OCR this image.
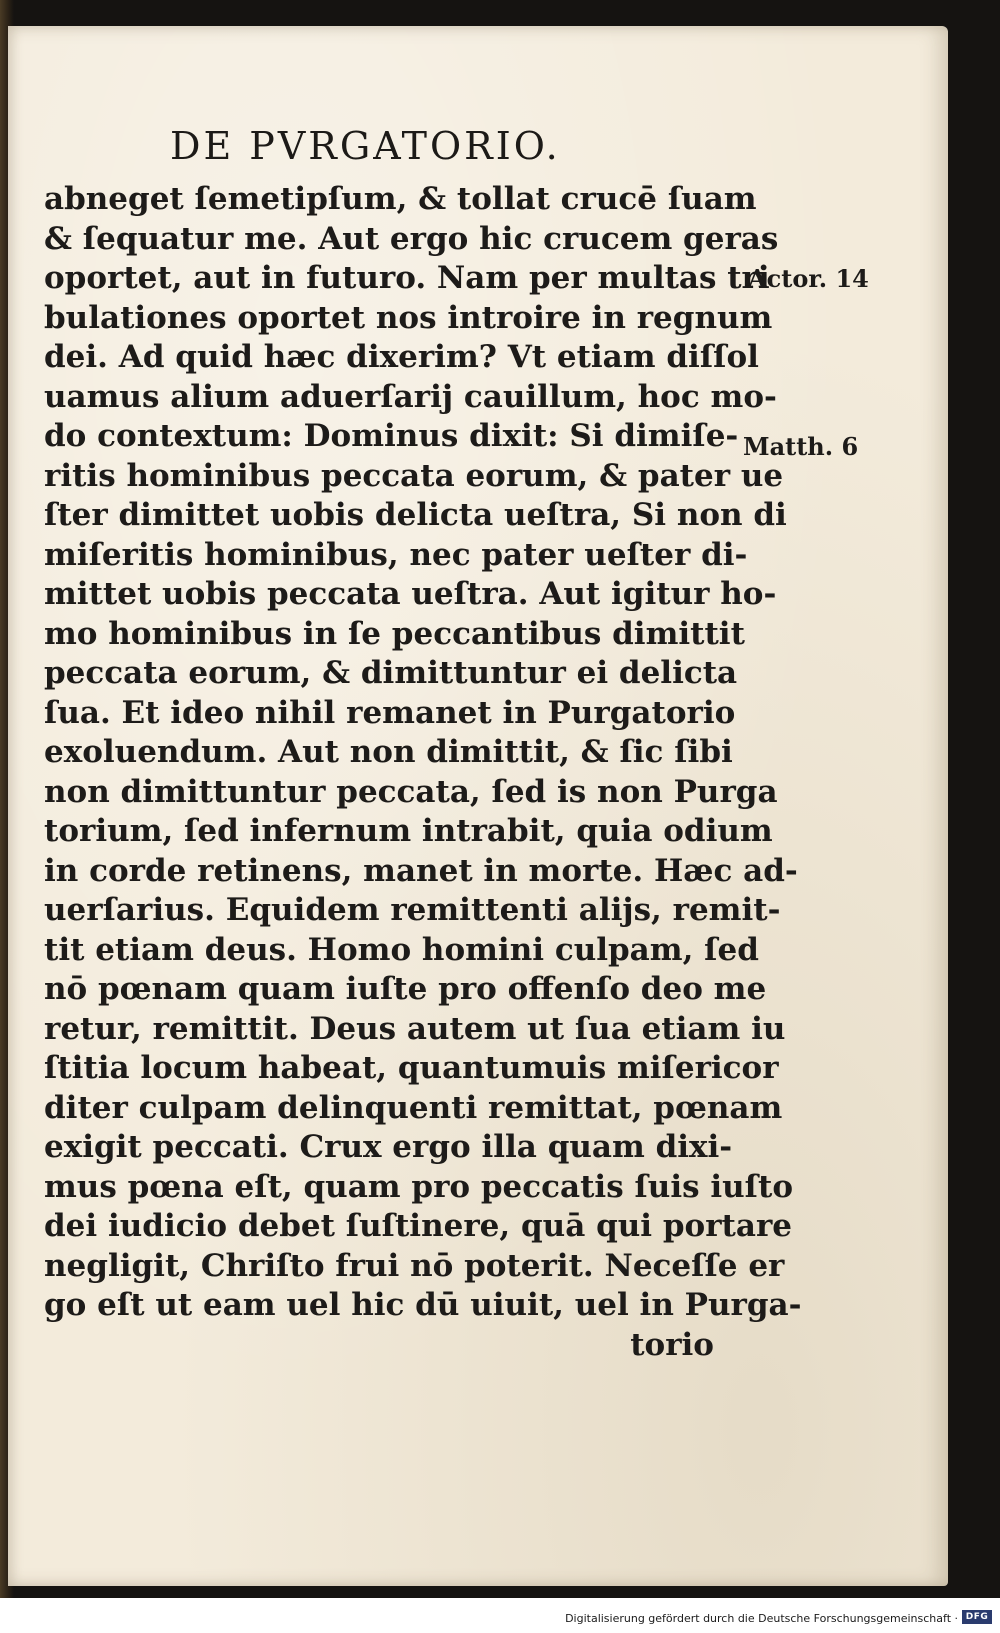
DE PVRGATORIO.
abneget ſemetipſum, & tollat crucē ſuam
& ſequatur me. Aut ergo hic crucem geras
oportet, aut in futuro. Nam per multas tri
bulationes oportet nos introire in regnum
dei. Ad quid hæc dixerim? Vt etiam diſſol
uamus alium aduerſarij cauillum, hoc mo-
do contextum: Dominus dixit: Si dimiſe-
ritis hominibus peccata eorum, & pater ue
ſter dimittet uobis delicta ueſtra, Si non di
miſeritis hominibus, nec pater ueſter di-
mittet uobis peccata ueſtra. Aut igitur ho-
mo hominibus in ſe peccantibus dimittit
peccata eorum, & dimittuntur ei delicta
ſua. Et ideo nihil remanet in Purgatorio
exoluendum. Aut non dimittit, & ſic ſibi
non dimittuntur peccata, ſed is non Purga
torium, ſed infernum intrabit, quia odium
in corde retinens, manet in morte. Hæc ad-
uerſarius. Equidem remittenti alijs, remit-
tit etiam deus. Homo homini culpam, ſed
nō pœnam quam iuſte pro offenſo deo me
retur, remittit. Deus autem ut ſua etiam iu
ſtitia locum habeat, quantumuis miſericor
diter culpam delinquenti remittat, pœnam
exigit peccati. Crux ergo illa quam dixi-
mus pœna eſt, quam pro peccatis ſuis iuſto
dei iudicio debet ſuſtinere, quā qui portare
negligit, Chriſto frui nō poterit. Neceſſe er
go eſt ut eam uel hic dū uiuit, uel in Purga-
torio
Actor. 14
Matth. 6
Digitalisierung gefördert durch die Deutsche Forschungsgemeinschaft · DFG
